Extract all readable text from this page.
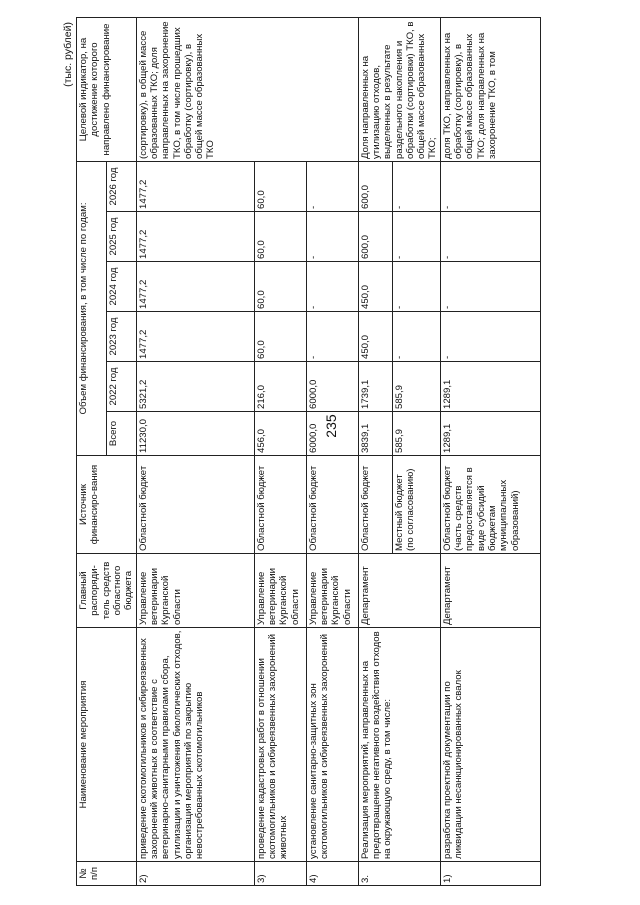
235
(тыс. рублей)
№ п/п	Наименование мероприятия	Главный распоряди-тель средств областного бюджета	Источник финансиро-вания	Объем финансирования, в том числе по годам:						Целевой индикатор, на достижение которого направлено финансирование
				Всего	2022 год	2023 год	2024 год	2025 год	2026 год	
2)	приведение скотомогильников и сибиреязвенных захоронений животных в соответствие с ветеринарно-санитарными правилами сбора, утилизации и уничтожения биологических отходов, организация мероприятий по закрытию невостребованных скотомогильников	Управление ветеринарии Курганской области	Областной бюджет	11230,0	5321,2	1477,2	1477,2	1477,2	1477,2	(сортировку), в общей массе образованных ТКО; доля направленных на захоронение ТКО, в том числе прошедших обработку (сортировку), в общей массе образованных ТКО
3)	проведение кадастровых работ в отношении скотомогильников и сибиреязвенных захоронений животных	Управление ветеринарии Курганской области	Областной бюджет	456,0	216,0	60,0	60,0	60,0	60,0	
4)	установление санитарно-защитных зон скотомогильников и сибиреязвенных захоронений	Управление ветеринарии Курганской области	Областной бюджет	6000,0	6000,0	-	-	-	-	
3.	Реализация мероприятий, направленных на предотвращение негативного воздействия отходов на окружающую среду, в том числе:	Департамент	Областной бюджет	3839,1	1739,1	450,0	450,0	600,0	600,0	Доля направленных на утилизацию отходов, выделенных в результате раздельного накопления и обработки (сортировки) ТКО, в общей массе образованных ТКО;
			Местный бюджет (по согласованию)	585,9	585,9	-	-	-	-	
1)	разработка проектной документации по ликвидации несанкционированных свалок	Департамент	Областной бюджет (часть средств предоставляется в виде субсидий бюджетам муниципальных образований)	1289,1	1289,1	-	-	-	-	доля ТКО, направленных на обработку (сортировку), в общей массе образованных ТКО; доля направленных на захоронение ТКО, в том
